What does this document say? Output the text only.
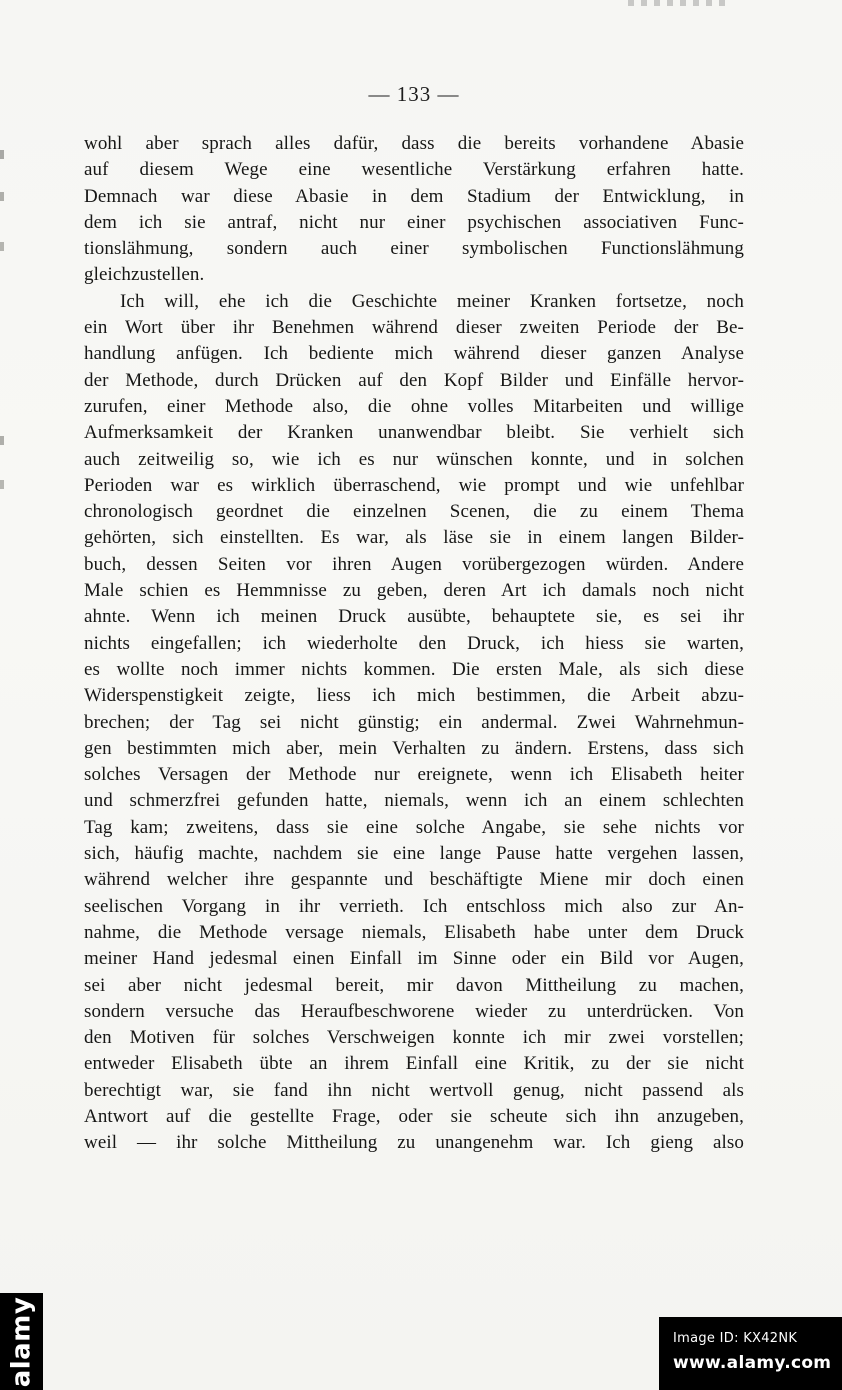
— 133 —
wohl aber sprach alles dafür, dass die bereits vorhandene Abasie
auf diesem Wege eine wesentliche Verstärkung erfahren hatte.
Demnach war diese Abasie in dem Stadium der Entwicklung, in
dem ich sie antraf, nicht nur einer psychischen associativen Func-
tionslähmung, sondern auch einer symbolischen Functionslähmung
gleichzustellen.
Ich will, ehe ich die Geschichte meiner Kranken fortsetze, noch
ein Wort über ihr Benehmen während dieser zweiten Periode der Be-
handlung anfügen. Ich bediente mich während dieser ganzen Analyse
der Methode, durch Drücken auf den Kopf Bilder und Einfälle hervor-
zurufen, einer Methode also, die ohne volles Mitarbeiten und willige
Aufmerksamkeit der Kranken unanwendbar bleibt. Sie verhielt sich
auch zeitweilig so, wie ich es nur wünschen konnte, und in solchen
Perioden war es wirklich überraschend, wie prompt und wie unfehlbar
chronologisch geordnet die einzelnen Scenen, die zu einem Thema
gehörten, sich einstellten. Es war, als läse sie in einem langen Bilder-
buch, dessen Seiten vor ihren Augen vorübergezogen würden. Andere
Male schien es Hemmnisse zu geben, deren Art ich damals noch nicht
ahnte. Wenn ich meinen Druck ausübte, behauptete sie, es sei ihr
nichts eingefallen; ich wiederholte den Druck, ich hiess sie warten,
es wollte noch immer nichts kommen. Die ersten Male, als sich diese
Widerspenstigkeit zeigte, liess ich mich bestimmen, die Arbeit abzu-
brechen; der Tag sei nicht günstig; ein andermal. Zwei Wahrnehmun-
gen bestimmten mich aber, mein Verhalten zu ändern. Erstens, dass sich
solches Versagen der Methode nur ereignete, wenn ich Elisabeth heiter
und schmerzfrei gefunden hatte, niemals, wenn ich an einem schlechten
Tag kam; zweitens, dass sie eine solche Angabe, sie sehe nichts vor
sich, häufig machte, nachdem sie eine lange Pause hatte vergehen lassen,
während welcher ihre gespannte und beschäftigte Miene mir doch einen
seelischen Vorgang in ihr verrieth. Ich entschloss mich also zur An-
nahme, die Methode versage niemals, Elisabeth habe unter dem Druck
meiner Hand jedesmal einen Einfall im Sinne oder ein Bild vor Augen,
sei aber nicht jedesmal bereit, mir davon Mittheilung zu machen,
sondern versuche das Heraufbeschworene wieder zu unterdrücken. Von
den Motiven für solches Verschweigen konnte ich mir zwei vorstellen;
entweder Elisabeth übte an ihrem Einfall eine Kritik, zu der sie nicht
berechtigt war, sie fand ihn nicht wertvoll genug, nicht passend als
Antwort auf die gestellte Frage, oder sie scheute sich ihn anzugeben,
weil — ihr solche Mittheilung zu unangenehm war. Ich gieng also
alamy	Image ID: KX42NK
www.alamy.com
